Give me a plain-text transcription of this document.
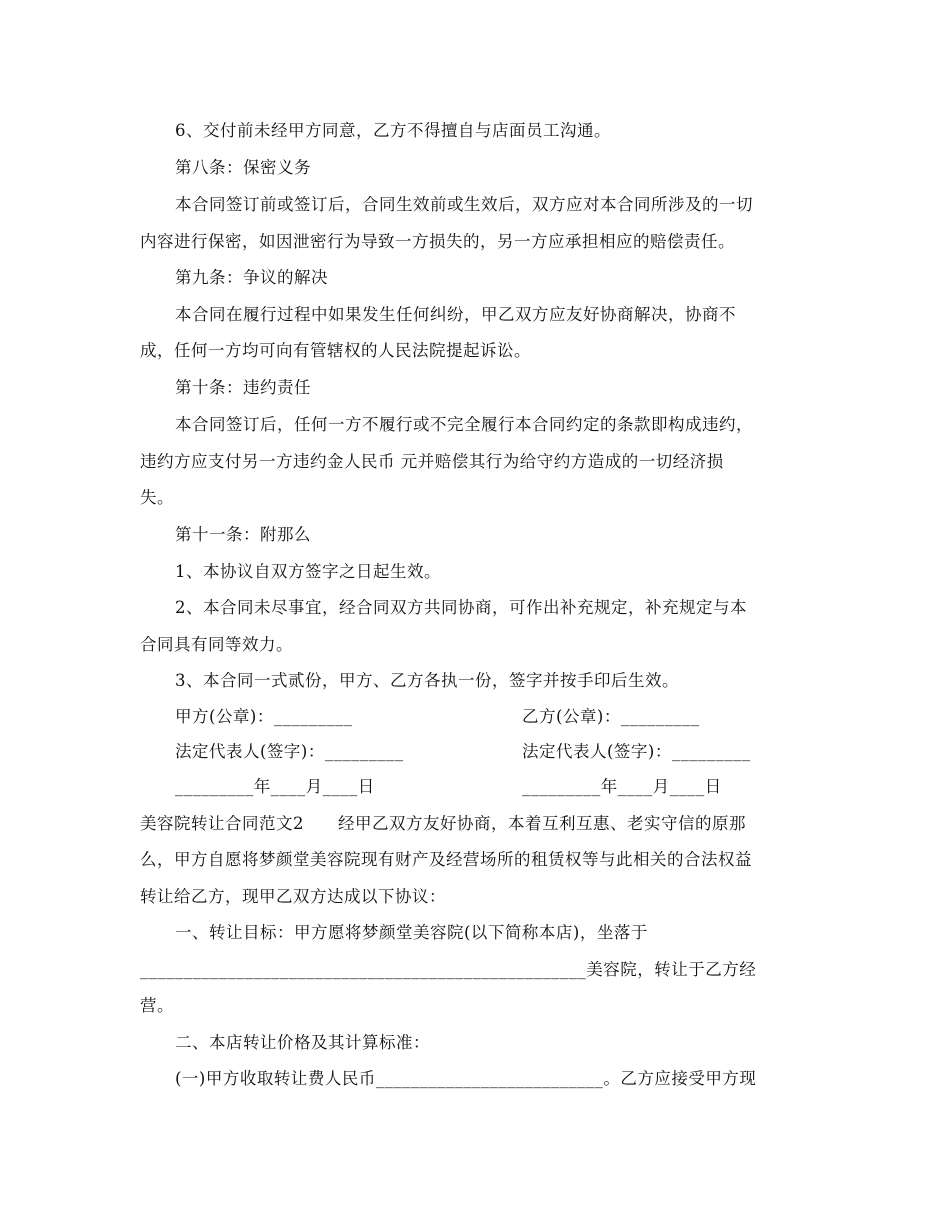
6、交付前未经甲方同意，乙方不得擅自与店面员工沟通。
第八条：保密义务
本合同签订前或签订后，合同生效前或生效后，双方应对本合同所涉及的一切
内容进行保密，如因泄密行为导致一方损失的，另一方应承担相应的赔偿责任。
第九条：争议的解决
本合同在履行过程中如果发生任何纠纷，甲乙双方应友好协商解决，协商不
成，任何一方均可向有管辖权的人民法院提起诉讼。
第十条：违约责任
本合同签订后，任何一方不履行或不完全履行本合同约定的条款即构成违约，
违约方应支付另一方违约金人民币 元并赔偿其行为给守约方造成的一切经济损
失。
第十一条：附那么
1、本协议自双方签字之日起生效。
2、本合同未尽事宜，经合同双方共同协商，可作出补充规定，补充规定与本
合同具有同等效力。
3、本合同一式贰份，甲方、乙方各执一份，签字并按手印后生效。
甲方(公章)：_________	乙方(公章)：_________
法定代表人(签字)：_________	法定代表人(签字)：_________
_________年____月____日	_________年____月____日
美容院转让合同范文2　　经甲乙双方友好协商，本着互利互惠、老实守信的原那
么，甲方自愿将梦颜堂美容院现有财产及经营场所的租赁权等与此相关的合法权益
转让给乙方，现甲乙双方达成以下协议：
一、转让目标：甲方愿将梦颜堂美容院(以下简称本店)，坐落于
___________________________________________________美容院，转让于乙方经
营。
二、本店转让价格及其计算标准：
(一)甲方收取转让费人民币__________________________。乙方应接受甲方现
